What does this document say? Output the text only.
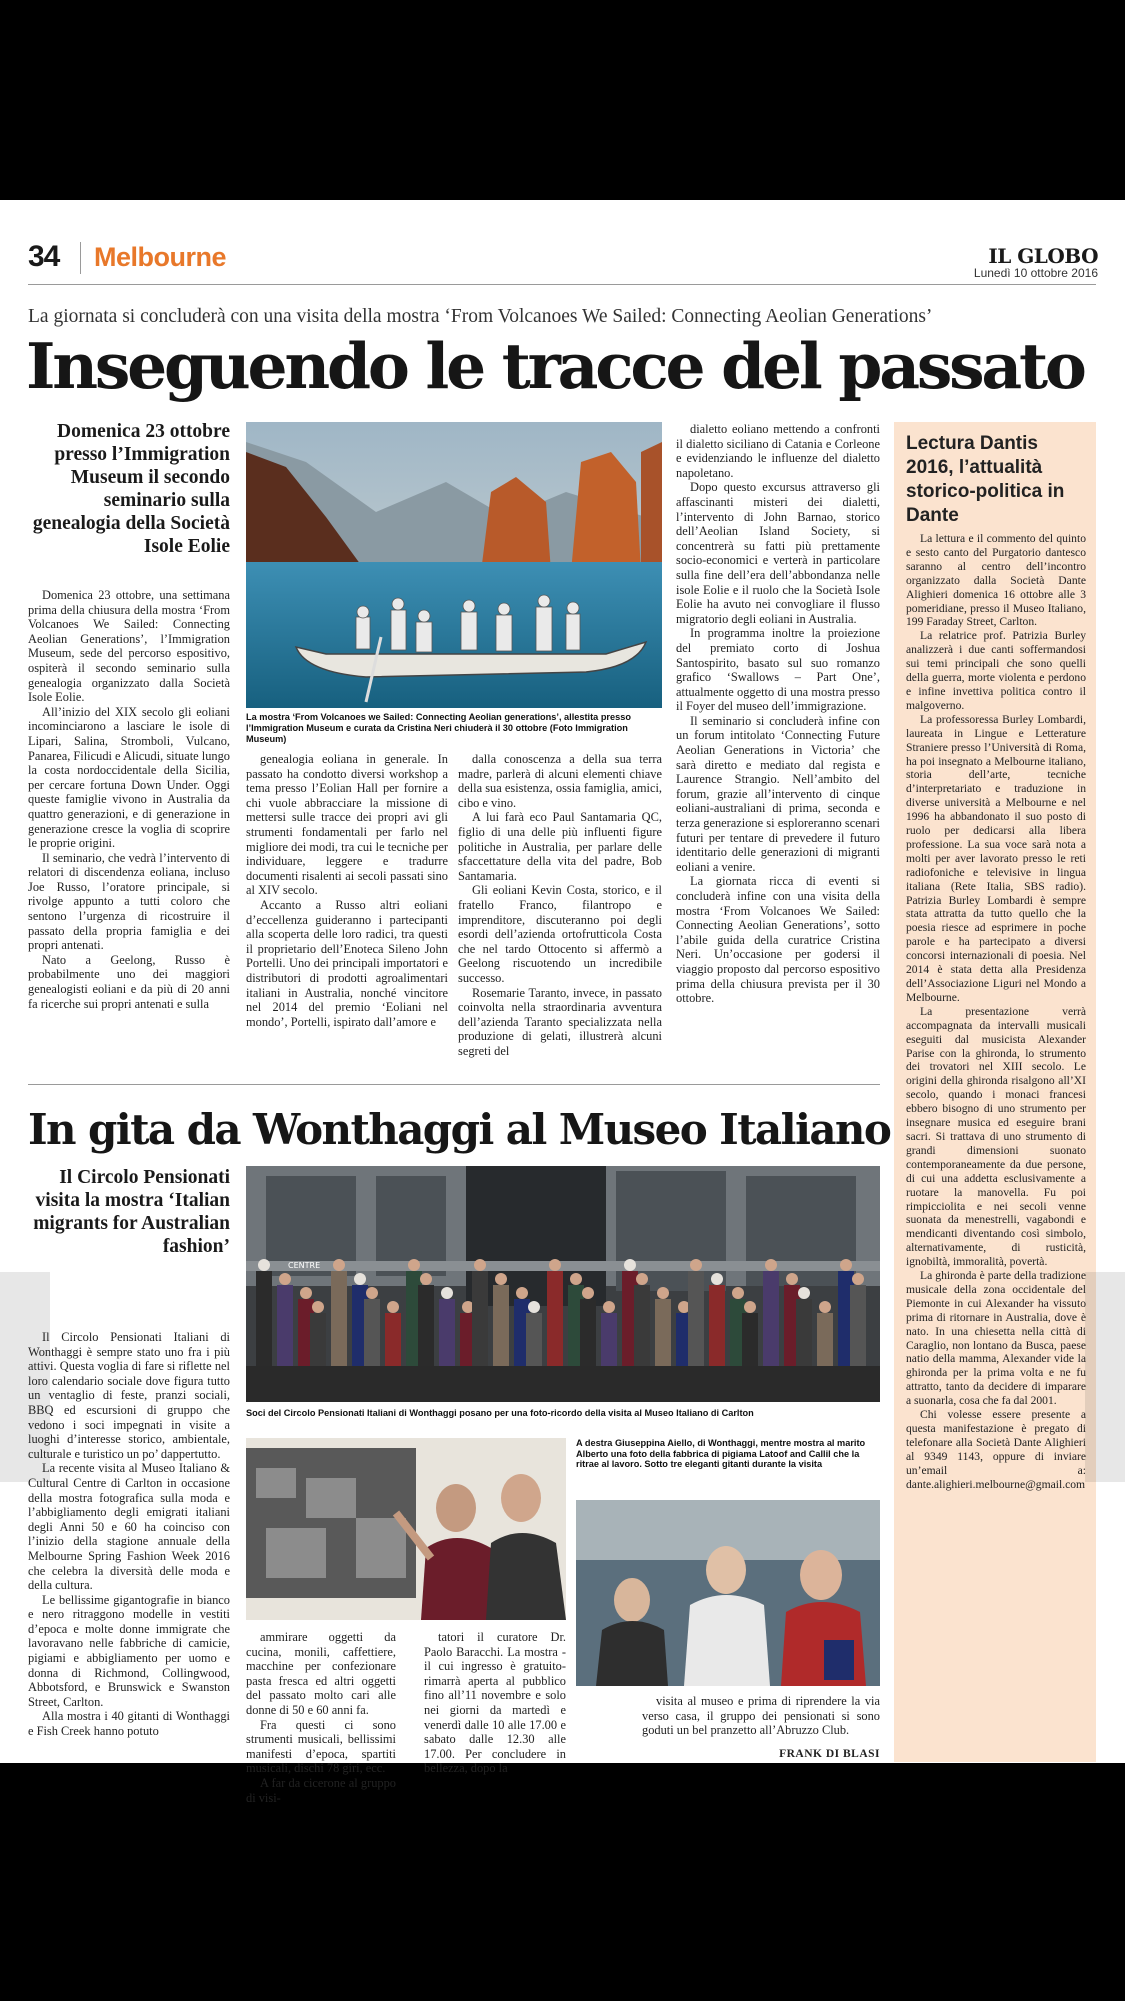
34 Melbourne	IL GLOBO
Lunedì 10 ottobre 2016
La giornata si concluderà con una visita della mostra ‘From Volcanoes We Sailed: Connecting Aeolian Generations’
Inseguendo le tracce del passato
Domenica 23 ottobre presso l’Immigration Museum il secondo seminario sulla genealogia della Società Isole Eolie
La mostra ‘From Volcanoes we Sailed: Connecting Aeolian generations’, allestita presso l’Immigration Museum e curata da Cristina Neri chiuderà il 30 ottobre (Foto Immigration Museum)

Domenica 23 ottobre, una settimana prima della chiusura della mostra ‘From Volcanoes We Sailed: Connecting Aeolian Generations’, l’Immigration Museum, sede del percorso espositivo, ospiterà il secondo seminario sulla genealogia organizzato dalla Società Isole Eolie.

All’inizio del XIX secolo gli eoliani incominciarono a lasciare le isole di Lipari, Salina, Stromboli, Vulcano, Panarea, Filicudi e Alicudi, situate lungo la costa nordoccidentale della Sicilia, per cercare fortuna Down Under. Oggi queste famiglie vivono in Australia da quattro generazioni, e di generazione in generazione cresce la voglia di scoprire le proprie origini.

Il seminario, che vedrà l’intervento di relatori di discendenza eoliana, incluso Joe Russo, l’oratore principale, si rivolge appunto a tutti coloro che sentono l’urgenza di ricostruire il passato della propria famiglia e dei propri antenati.

Nato a Geelong, Russo è probabilmente uno dei maggiori genealogisti eoliani e da più di 20 anni fa ricerche sui propri antenati e sulla

genealogia eoliana in generale. In passato ha condotto diversi workshop a tema presso l’Eolian Hall per fornire a chi vuole abbracciare la missione di mettersi sulle tracce dei propri avi gli strumenti fondamentali per farlo nel migliore dei modi, tra cui le tecniche per individuare, leggere e tradurre documenti risalenti ai secoli passati sino al XIV secolo.

Accanto a Russo altri eoliani d’eccellenza guideranno i partecipanti alla scoperta delle loro radici, tra questi il proprietario dell’Enoteca Sileno John Portelli. Uno dei principali importatori e distributori di prodotti agroalimentari italiani in Australia, nonché vincitore nel 2014 del premio ‘Eoliani nel mondo’, Portelli, ispirato dall’amore e

dalla conoscenza a della sua terra madre, parlerà di alcuni elementi chiave della sua esistenza, ossia famiglia, amici, cibo e vino.

A lui farà eco Paul Santamaria QC, figlio di una delle più influenti figure politiche in Australia, per parlare delle sfaccettature della vita del padre, Bob Santamaria.

Gli eoliani Kevin Costa, storico, e il fratello Franco, filantropo e imprenditore, discuteranno poi degli esordi dell’azienda ortofrutticola Costa che nel tardo Ottocento si affermò a Geelong riscuotendo un incredibile successo.

Rosemarie Taranto, invece, in passato coinvolta nella straordinaria avventura dell’azienda Taranto specializzata nella produzione di gelati, illustrerà alcuni segreti del

dialetto eoliano mettendo a confronti il dialetto siciliano di Catania e Corleone e evidenziando le influenze del dialetto napoletano.

Dopo questo excursus attraverso gli affascinanti misteri dei dialetti, l’intervento di John Barnao, storico dell’Aeolian Island Society, si concentrerà su fatti più prettamente socio-economici e verterà in particolare sulla fine dell’era dell’abbondanza nelle isole Eolie e il ruolo che la Società Isole Eolie ha avuto nei convogliare il flusso migratorio degli eoliani in Australia.

In programma inoltre la proiezione del premiato corto di Joshua Santospirito, basato sul suo romanzo grafico ‘Swallows – Part One’, attualmente oggetto di una mostra presso il Foyer del museo dell’immigrazione.

Il seminario si concluderà infine con un forum intitolato ‘Connecting Future Aeolian Generations in Victoria’ che sarà diretto e mediato dal regista e Laurence Strangio. Nell’ambito del forum, grazie all’intervento di cinque eoliani-australiani di prima, seconda e terza generazione si esploreranno scenari futuri per tentare di prevedere il futuro identitario delle generazioni di migranti eoliani a venire.

La giornata ricca di eventi si concluderà infine con una visita della mostra ‘From Volcanoes We Sailed: Connecting Aeolian Generations’, sotto l’abile guida della curatrice Cristina Neri. Un’occasione per godersi il viaggio proposto dal percorso espositivo prima della chiusura prevista per il 30 ottobre.

Lectura Dantis 2016, l’attualità storico-politica in Dante

La lettura e il commento del quinto e sesto canto del Purgatorio dantesco saranno al centro dell’incontro organizzato dalla Società Dante Alighieri domenica 16 ottobre alle 3 pomeridiane, presso il Museo Italiano, 199 Faraday Street, Carlton.

La relatrice prof. Patrizia Burley analizzerà i due canti soffermandosi sui temi principali che sono quelli della guerra, morte violenta e perdono e infine invettiva politica contro il malgoverno.

La professoressa Burley Lombardi, laureata in Lingue e Letterature Straniere presso l’Università di Roma, ha poi insegnato a Melbourne italiano, storia dell’arte, tecniche d’interpretariato e traduzione in diverse università a Melbourne e nel 1996 ha abbandonato il suo posto di ruolo per dedicarsi alla libera professione. La sua voce sarà nota a molti per aver lavorato presso le reti radiofoniche e televisive in lingua italiana (Rete Italia, SBS radio). Patrizia Burley Lombardi è sempre stata attratta da tutto quello che la poesia riesce ad esprimere in poche parole e ha partecipato a diversi concorsi internazionali di poesia. Nel 2014 è stata detta alla Presidenza dell’Associazione Liguri nel Mondo a Melbourne.

La presentazione verrà accompagnata da intervalli musicali eseguiti dal musicista Alexander Parise con la ghironda, lo strumento dei trovatori nel XIII secolo. Le origini della ghironda risalgono all’XI secolo, quando i monaci francesi ebbero bisogno di uno strumento per insegnare musica ed eseguire brani sacri. Si trattava di uno strumento di grandi dimensioni suonato contemporaneamente da due persone, di cui una addetta esclusivamente a ruotare la manovella. Fu poi rimpicciolita e nei secoli venne suonata da menestrelli, vagabondi e mendicanti diventando così simbolo, alternativamente, di rusticità, ignobiltà, immoralità, povertà.

La ghironda è parte della tradizione musicale della zona occidentale del Piemonte in cui Alexander ha vissuto prima di ritornare in Australia, dove è nato. In una chiesetta nella città di Caraglio, non lontano da Busca, paese natio della mamma, Alexander vide la ghironda per la prima volta e ne fu attratto, tanto da decidere di imparare a suonarla, cosa che fa dal 2001.

Chi volesse essere presente a questa manifestazione è pregato di telefonare alla Società Dante Alighieri al 9349 1143, oppure di inviare un’email a: dante.alighieri.melbourne@gmail.com

In gita da Wonthaggi al Museo Italiano
Il Circolo Pensionati visita la mostra ‘Italian migrants for Australian fashion’
CENTRE
Soci del Circolo Pensionati Italiani di Wonthaggi posano per una foto-ricordo della visita al Museo Italiano di Carlton

Il Circolo Pensionati Italiani di Wonthaggi è sempre stato uno fra i più attivi. Questa voglia di fare si riflette nel loro calendario sociale dove figura tutto un ventaglio di feste, pranzi sociali, BBQ ed escursioni di gruppo che vedono i soci impegnati in visite a luoghi d’interesse storico, ambientale, culturale e turistico un po’ dappertutto.

La recente visita al Museo Italiano & Cultural Centre di Carlton in occasione della mostra fotografica sulla moda e l’abbigliamento degli emigrati italiani degli Anni 50 e 60 ha coinciso con l’inizio della stagione annuale della Melbourne Spring Fashion Week 2016 che celebra la diversità delle moda e della cultura.

Le bellissime gigantografie in bianco e nero ritraggono modelle in vestiti d’epoca e molte donne immigrate che lavoravano nelle fabbriche di camicie, pigiami e abbigliamento per uomo e donna di Richmond, Collingwood, Abbotsford, e Brunswick e Swanston Street, Carlton.

Alla mostra i 40 gitanti di Wonthaggi e Fish Creek hanno potuto

A destra Giuseppina Aiello, di Wonthaggi, mentre mostra al marito Alberto una foto della fabbrica di pigiama Latoof and Callil che la ritrae al lavoro. Sotto tre eleganti gitanti durante la visita

ammirare oggetti da cucina, monili, caffettiere, macchine per confezionare pasta fresca ed altri oggetti del passato molto cari alle donne di 50 e 60 anni fa.

Fra questi ci sono strumenti musicali, bellissimi manifesti d’epoca, spartiti musicali, dischi 78 giri, ecc.

A far da cicerone al gruppo di visi-

tatori il curatore Dr. Paolo Baracchi. La mostra - il cui ingresso è gratuito- rimarrà aperta al pubblico fino all’11 novembre e solo nei giorni da martedì e venerdì dalle 10 alle 17.00 e sabato dalle 12.30 alle 17.00. Per concludere in bellezza, dopo la

visita al museo e prima di riprendere la via verso casa, il gruppo dei pensionati si sono goduti un bel pranzetto all’Abruzzo Club.

FRANK DI BLASI
